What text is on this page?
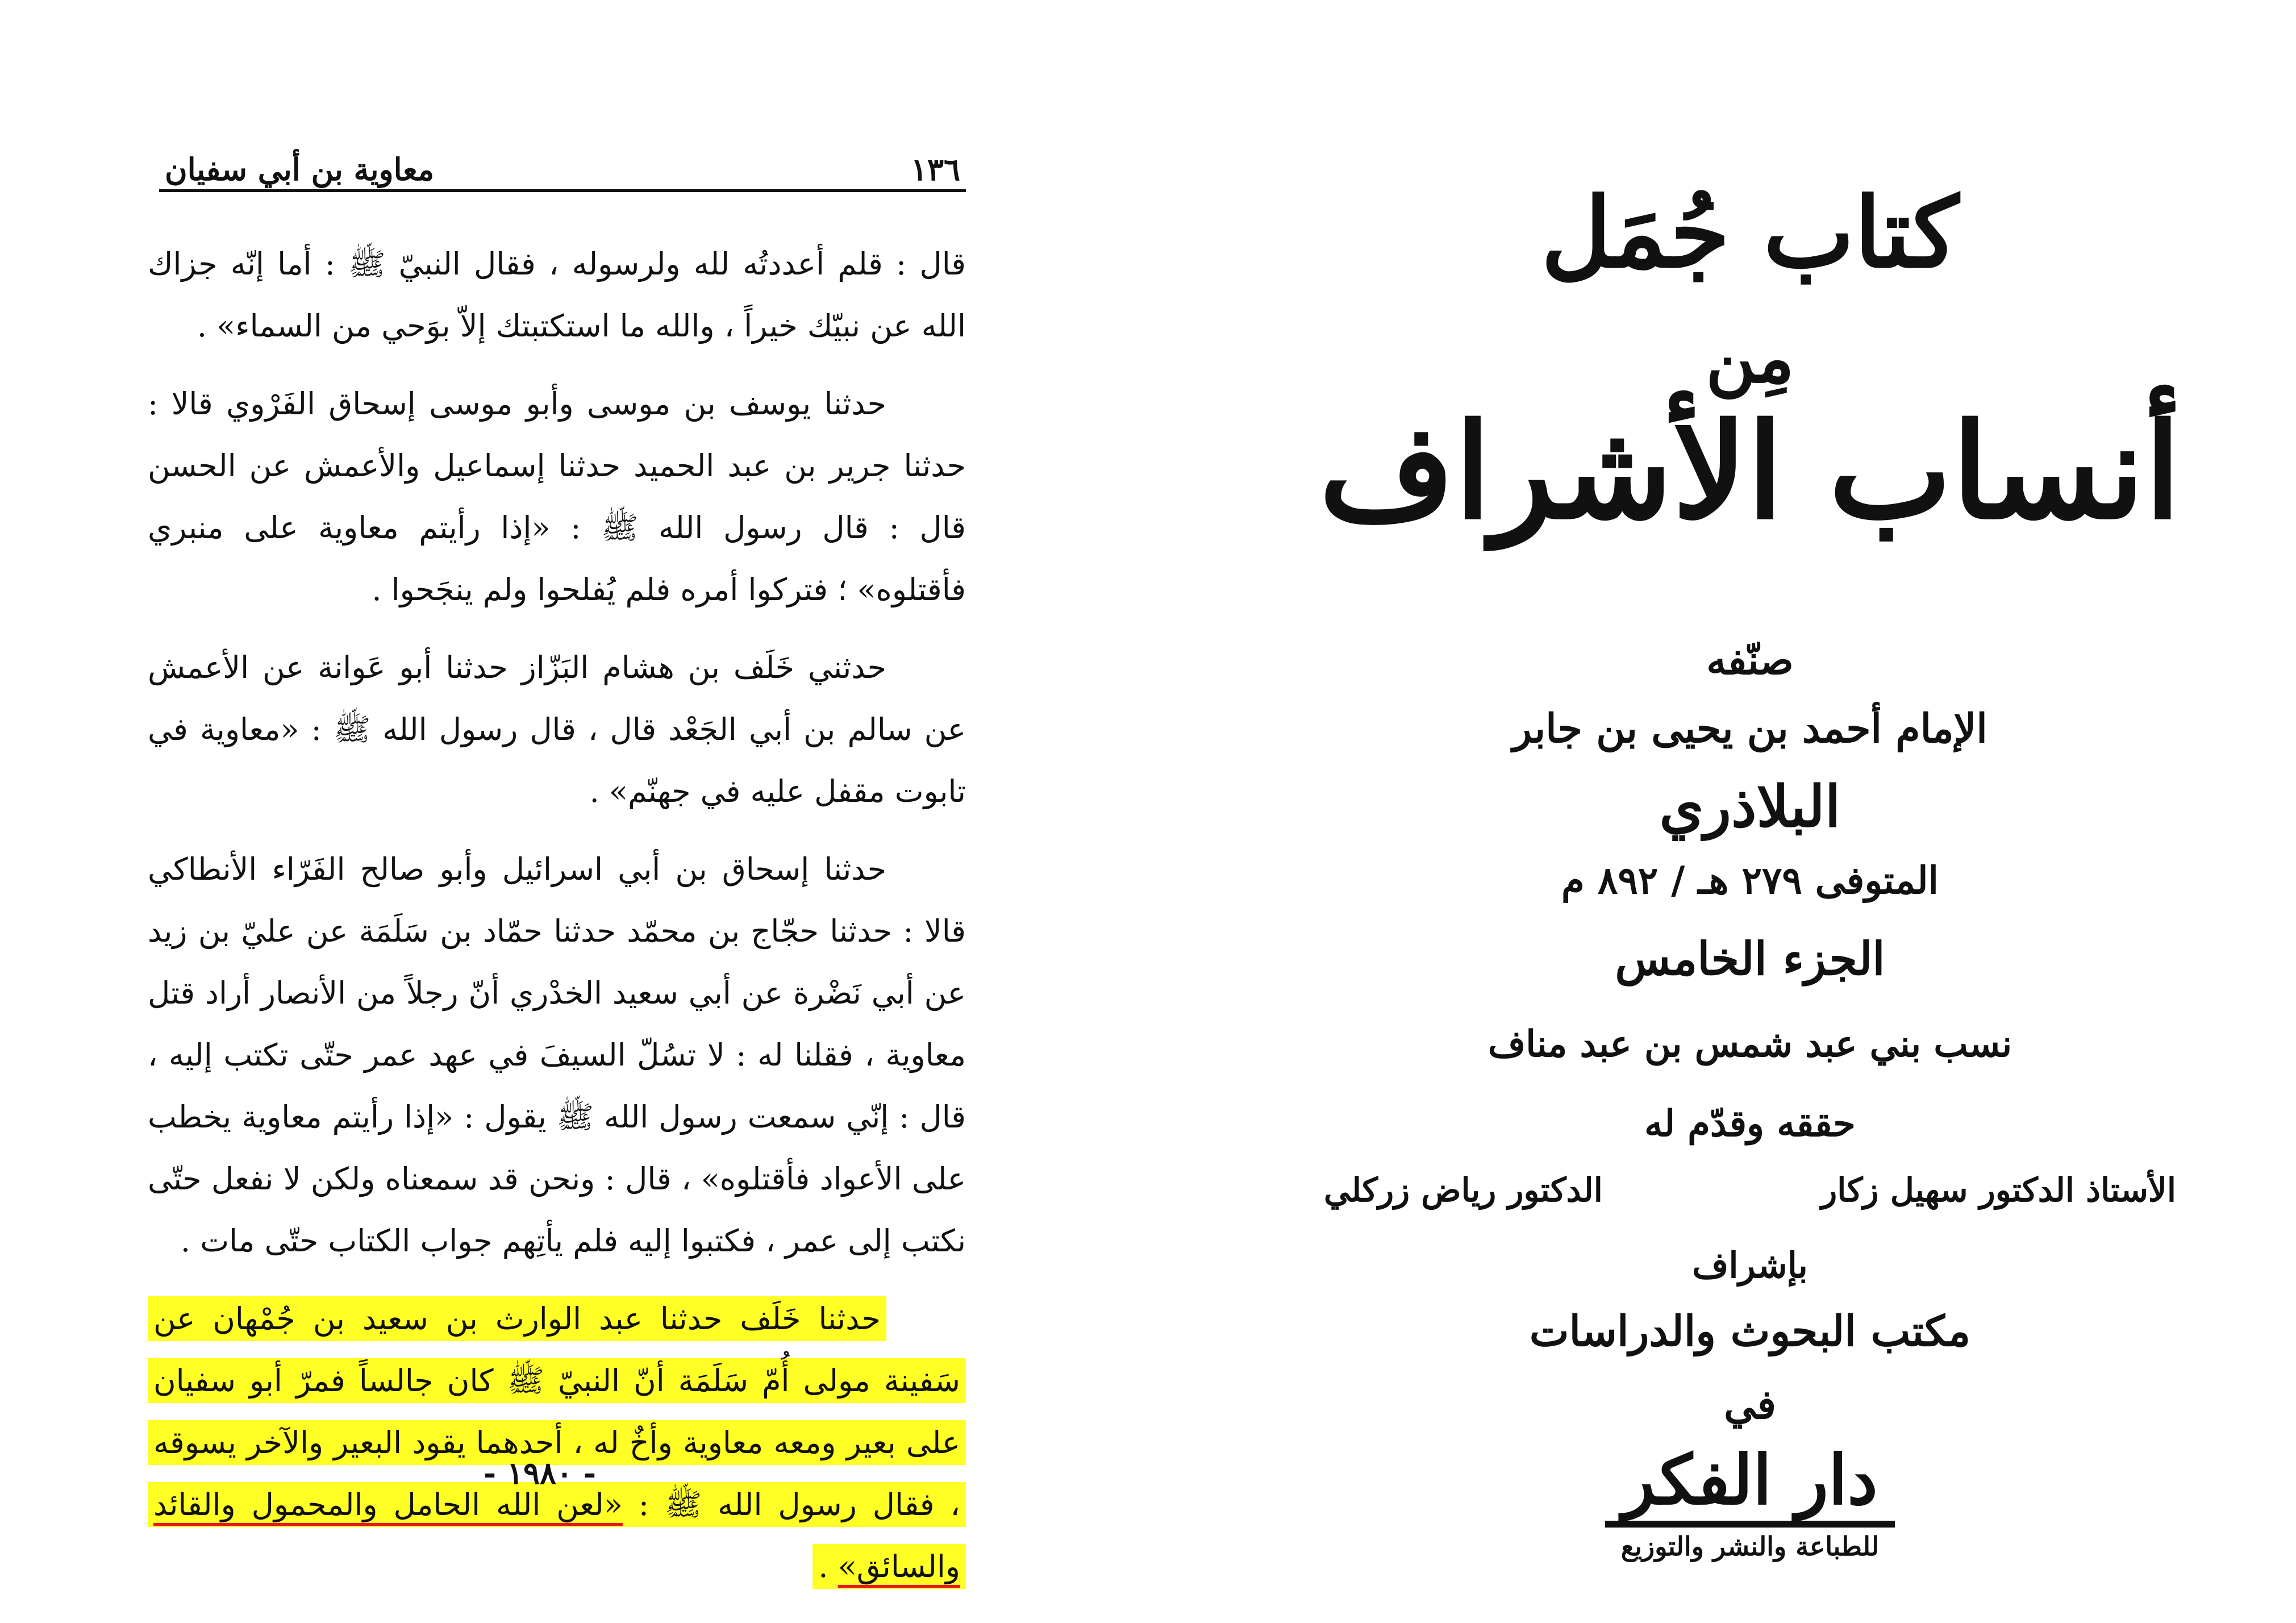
١٣٦
معاوية بن أبي سفيان

قال : قلم أعددتُه لله ولرسوله ، فقال النبيّ ﷺ : أما إنّه جزاك الله عن نبيّك خيراً ، والله ما استكتبتك إلاّ بوَحي من السماء» .

حدثنا يوسف بن موسى وأبو موسى إسحاق الفَرْوي قالا : حدثنا جرير بن عبد الحميد حدثنا إسماعيل والأعمش عن الحسن قال : قال رسول الله ﷺ : «إذا رأيتم معاوية على منبري فأقتلوه» ؛ فتركوا أمره فلم يُفلحوا ولم ينجَحوا .

حدثني خَلَف بن هشام البَزّاز حدثنا أبو عَوانة عن الأعمش عن سالم بن أبي الجَعْد قال ، قال رسول الله ﷺ : «معاوية في تابوت مقفل عليه في جهنّم» .

حدثنا إسحاق بن أبي اسرائيل وأبو صالح الفَرّاء الأنطاكي قالا : حدثنا حجّاج بن محمّد حدثنا حمّاد بن سَلَمَة عن عليّ بن زيد عن أبي نَضْرة عن أبي سعيد الخدْري أنّ رجلاً من الأنصار أراد قتل معاوية ، فقلنا له : لا تسُلّ السيفَ في عهد عمر حتّى تكتب إليه ، قال : إنّي سمعت رسول الله ﷺ يقول : «إذا رأيتم معاوية يخطب على الأعواد فأقتلوه» ، قال : ونحن قد سمعناه ولكن لا نفعل حتّى نكتب إلى عمر ، فكتبوا إليه فلم يأتِهم جواب الكتاب حتّى مات .

حدثنا خَلَف حدثنا عبد الوارث بن سعيد بن جُمْهان عن سَفينة مولى أُمّ سَلَمَة أنّ النبيّ ﷺ كان جالساً فمرّ أبو سفيان على بعير ومعه معاوية وأخٌ له ، أحدهما يقود البعير والآخر يسوقه ، فقال رسول الله ﷺ : «لعن الله الحامل والمحمول والقائد والسائق» .

- ١٩٨٠ -
كتاب جُمَل
مِن
أنساب الأشراف
صنّفه
الإمام أحمد بن يحيى بن جابر
البلاذري
المتوفى ٢٧٩ هـ / ٨٩٢ م
الجزء الخامس
نسب بني عبد شمس بن عبد مناف
حققه وقدّم له
الأستاذ الدكتور سهيل زكار
الدكتور رياض زركلي
بإشراف
مكتب البحوث والدراسات
في
دار الفكر
للطباعة والنشر والتوزيع
